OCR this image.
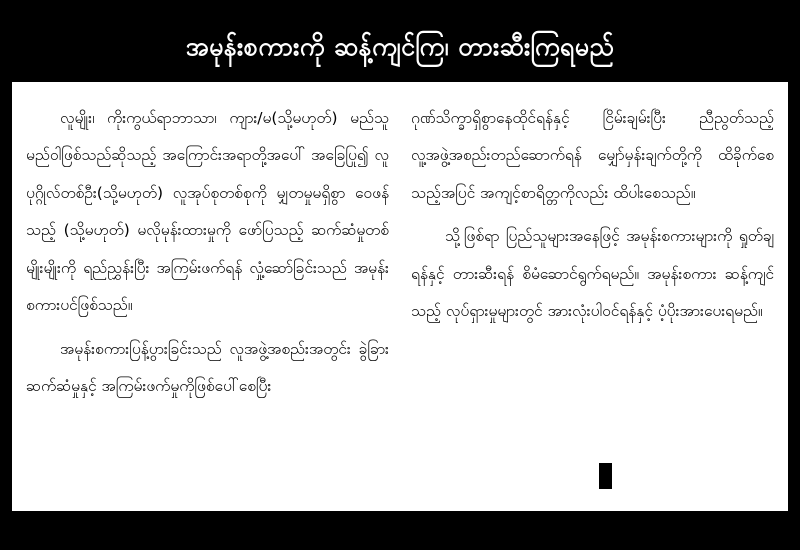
အမုန်းစကားကို ဆန့်ကျင်ကြ၊ တားဆီးကြရမည်

လူမျိုး၊ ကိုးကွယ်ရာဘာသာ၊ ကျား/မ(သို့မဟုတ်) မည်သူမည်ဝါဖြစ်သည်ဆိုသည့် အကြောင်းအရာတို့အပေါ် အခြေပြု၍ လူပုဂ္ဂိုလ်တစ်ဦး(သို့မဟုတ်) လူအုပ်စုတစ်စုကို မျှတမှုမရှိစွာ ဝေဖန်သည့် (သို့မဟုတ်) မလိုမုန်းထားမှုကို ဖော်ပြသည့် ဆက်ဆံမှုတစ်မျိုးမျိုးကို ရည်ညွှန်းပြီး အကြမ်းဖက်ရန် လှုံ့ဆော်ခြင်းသည် အမုန်းစကားပင်ဖြစ်သည်။

အမုန်းစကားပြန့်ပွားခြင်းသည် လူအဖွဲ့အစည်းအတွင်း ခွဲခြားဆက်ဆံမှုနှင့် အကြမ်းဖက်မှုကိုဖြစ်ပေါ်စေပြီး

ဂုဏ်သိက္ခာရှိစွာနေထိုင်ရန်နှင့် ငြိမ်းချမ်းပြီး ညီညွတ်သည့် လူ့အဖွဲ့အစည်းတည်ဆောက်ရန် မျှော်မှန်းချက်တို့ကို ထိခိုက်စေသည့်အပြင် အကျင့်စာရိတ္တကိုလည်း ထိပါးစေသည်။

သို့ဖြစ်ရာ ပြည်သူများအနေဖြင့် အမုန်းစကားများကို ရှုတ်ချရန်နှင့် တားဆီးရန် စိမံဆောင်ရွက်ရမည်။ အမုန်းစကား ဆန့်ကျင်သည့် လုပ်ရှားမှုများတွင် အားလုံးပါဝင်ရန်နှင့် ပံ့ပိုးအားပေးရမည်။
